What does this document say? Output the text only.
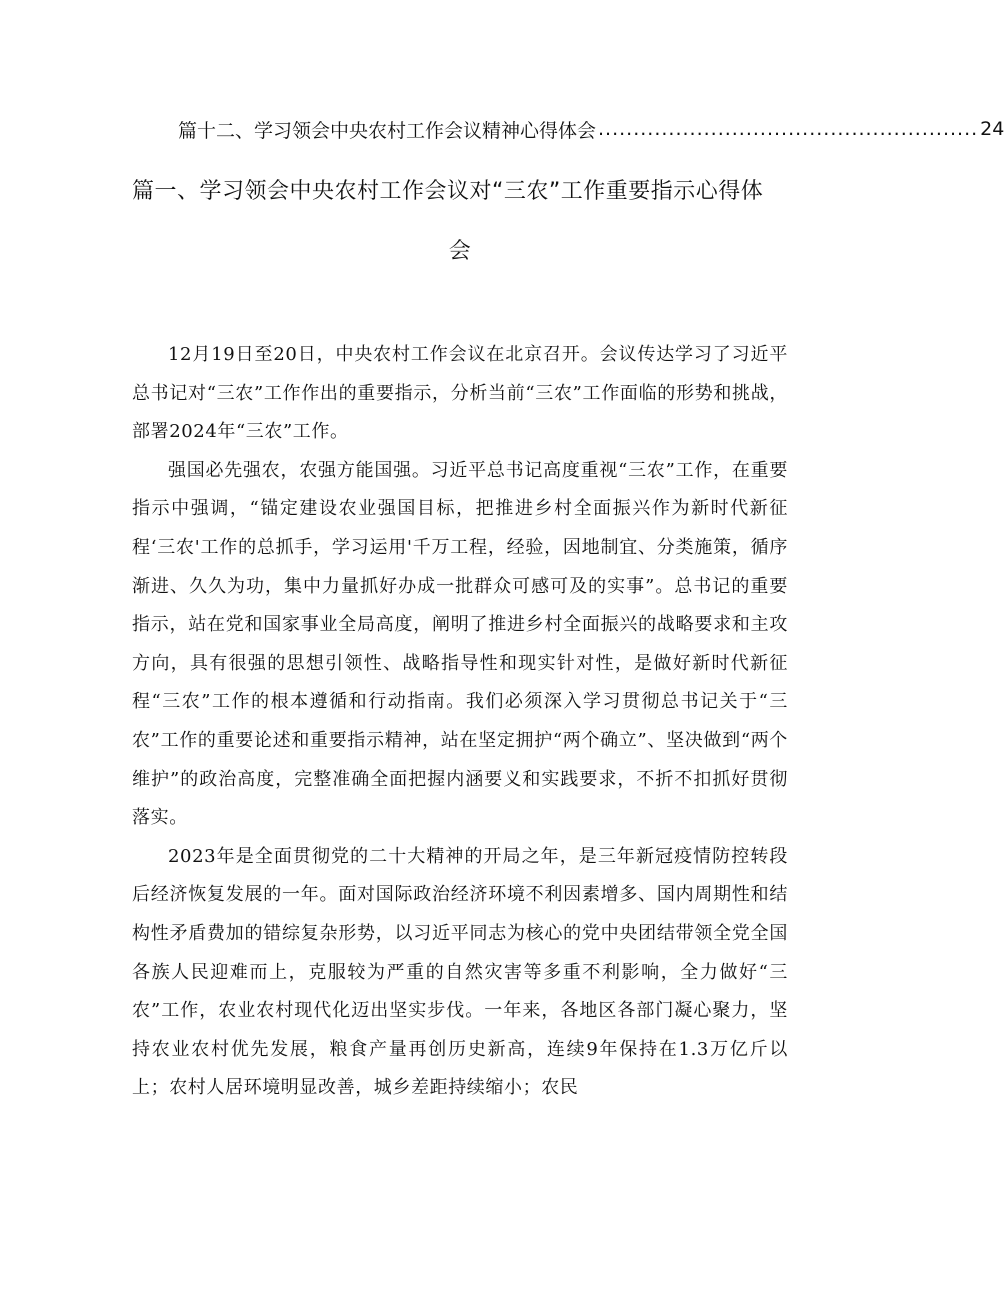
篇十二、学习领会中央农村工作会议精神心得体会 ...................................................... 24
篇一、学习领会中央农村工作会议对“三农”工作重要指示心得体
会

12月19日至20日，中央农村工作会议在北京召开。会议传达学习了习近平总书记对“三农”工作作出的重要指示，分析当前“三农”工作面临的形势和挑战，部署2024年“三农”工作。

强国必先强农，农强方能国强。习近平总书记高度重视“三农”工作，在重要指示中强调，“锚定建设农业强国目标，把推进乡村全面振兴作为新时代新征程‘三农'工作的总抓手，学习运用'千万工程，经验，因地制宜、分类施策，循序渐进、久久为功，集中力量抓好办成一批群众可感可及的实事”。总书记的重要指示，站在党和国家事业全局高度，阐明了推进乡村全面振兴的战略要求和主攻方向，具有很强的思想引领性、战略指导性和现实针对性，是做好新时代新征程“三农”工作的根本遵循和行动指南。我们必须深入学习贯彻总书记关于“三农”工作的重要论述和重要指示精神，站在坚定拥护“两个确立”、坚决做到“两个维护”的政治高度，完整准确全面把握内涵要义和实践要求，不折不扣抓好贯彻落实。

2023年是全面贯彻党的二十大精神的开局之年，是三年新冠疫情防控转段后经济恢复发展的一年。面对国际政治经济环境不利因素增多、国内周期性和结构性矛盾费加的错综复杂形势，以习近平同志为核心的党中央团结带领全党全国各族人民迎难而上，克服较为严重的自然灾害等多重不利影响，全力做好“三农”工作，农业农村现代化迈出坚实步伐。一年来，各地区各部门凝心聚力，坚持农业农村优先发展，粮食产量再创历史新高，连续9年保持在1.3万亿斤以上；农村人居环境明显改善，城乡差距持续缩小；农民
